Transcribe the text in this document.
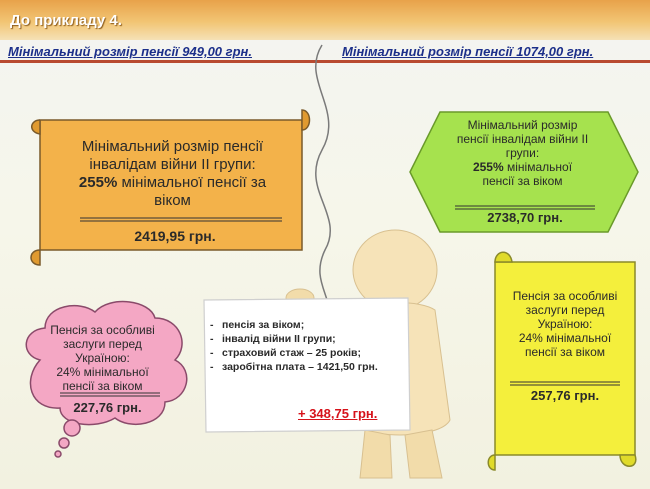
До прикладу 4.
Мінімальний розмір пенсії 949,00 грн.	Мінімальний розмір пенсії 1074,00 грн.
Мінімальний розмір пенсії
інвалідам війни ІІ групи:
255% мінімальної пенсії за
віком
2419,95 грн.
Мінімальний розмір
пенсії інвалідам війни ІІ
групи:
255% мінімальної
пенсії за віком
2738,70 грн.
Пенсія за особливі
заслуги перед
Україною:
24% мінімальної
пенсії за віком
227,76 грн.
Пенсія за особливі
заслуги перед
Україною:
24% мінімальної
пенсії за віком
257,76 грн.
- пенсія за віком;
- інвалід війни ІІ групи;
- страховий стаж – 25 років;
- заробітна плата – 1421,50 грн.
+ 348,75 грн.
